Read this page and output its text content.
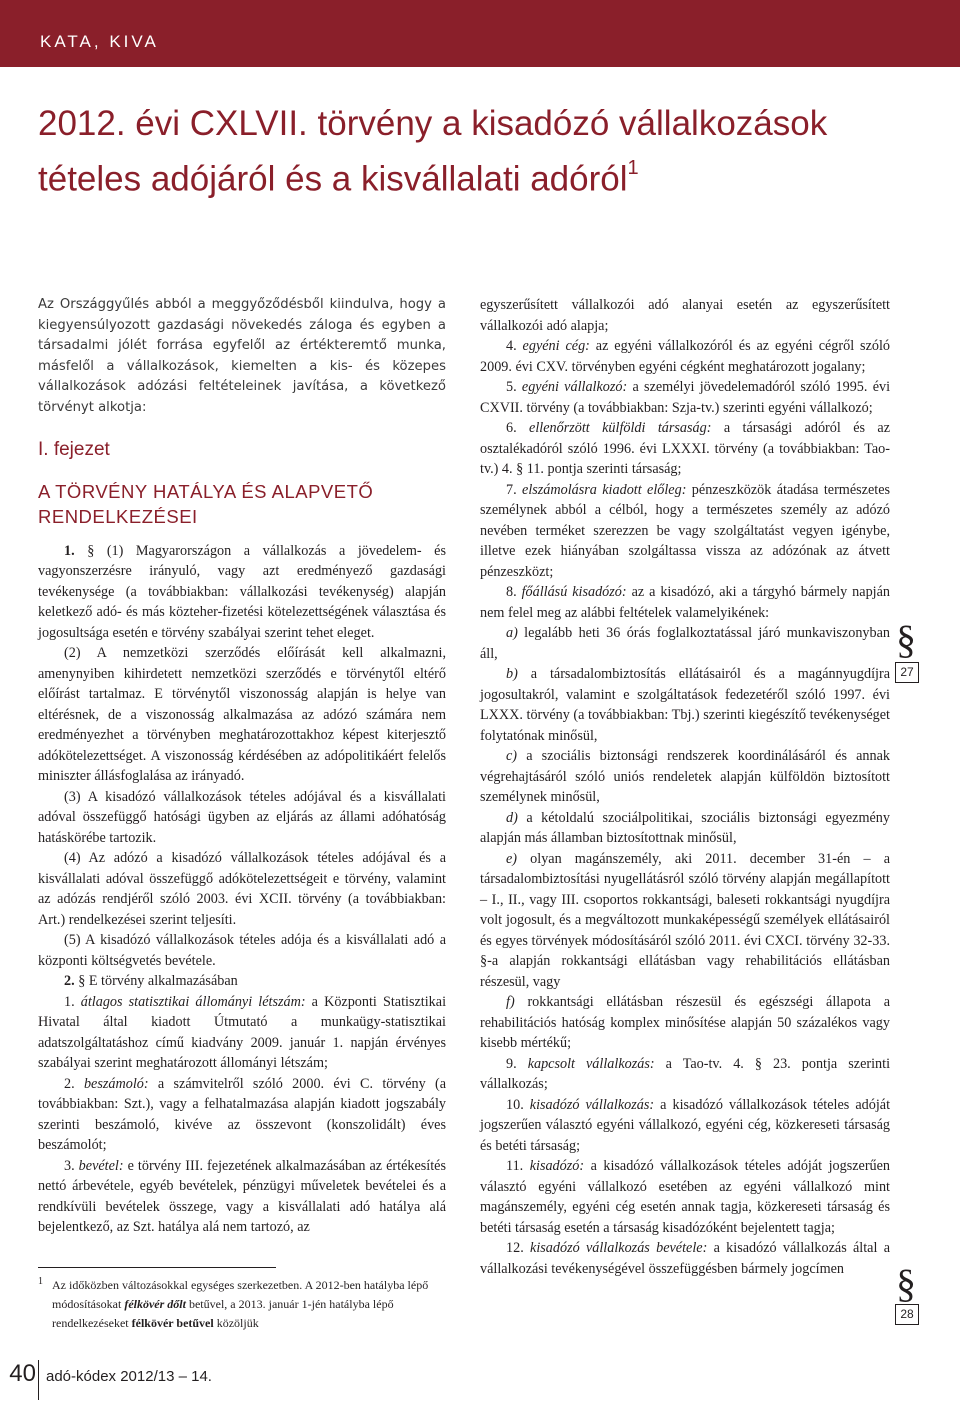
KATA, KIVA
2012. évi CXLVII. törvény a kisadózó vállalkozások tételes adójáról és a kisvállalati adóról$^1$

Az Országgyűlés abból a meggyőződésből kiindulva, hogy a kiegyensúlyozott gazdasági növekedés záloga és egyben a társadalmi jólét forrása egyfelől az értékteremtő munka, másfelől a vállalkozások, kiemelten a kis- és közepes vállalkozások adózási feltételeinek javítása, a következő törvényt alkotja:

I. fejezet

A TÖRVÉNY HATÁLYA ÉS ALAPVETŐ RENDELKEZÉSEI

1. § (1) Magyarországon a vállalkozás a jövedelem- és vagyonszerzésre irányuló, vagy azt eredményező gazdasági tevékenysége (a továbbiakban: vállalkozási tevékenység) alapján keletkező adó- és más közteher-fizetési kötelezettségének választása és jogosultsága esetén e törvény szabályai szerint tehet eleget.

(2) A nemzetközi szerződés előírását kell alkalmazni, amenynyiben kihirdetett nemzetközi szerződés e törvénytől eltérő előírást tartalmaz. E törvénytől viszonosság alapján is helye van eltérésnek, de a viszonosság alkalmazása az adózó számára nem eredményezhet a törvényben meghatározottakhoz képest kiterjesztő adókötelezettséget. A viszonosság kérdésében az adópolitikáért felelős miniszter állásfoglalása az irányadó.

(3) A kisadózó vállalkozások tételes adójával és a kisvállalati adóval összefüggő hatósági ügyben az eljárás az állami adóhatóság hatáskörébe tartozik.

(4) Az adózó a kisadózó vállalkozások tételes adójával és a kisvállalati adóval összefüggő adókötelezettségeit e törvény, valamint az adózás rendjéről szóló 2003. évi XCII. törvény (a továbbiakban: Art.) rendelkezései szerint teljesíti.

(5) A kisadózó vállalkozások tételes adója és a kisvállalati adó a központi költségvetés bevétele.

2. § E törvény alkalmazásában

1. átlagos statisztikai állományi létszám: a Központi Statisztikai Hivatal által kiadott Útmutató a munkaügy-statisztikai adatszolgáltatáshoz című kiadvány 2009. január 1. napján érvényes szabályai szerint meghatározott állományi létszám;

2. beszámoló: a számvitelről szóló 2000. évi C. törvény (a továbbiakban: Szt.), vagy a felhatalmazása alapján kiadott jogszabály szerinti beszámoló, kivéve az összevont (konszolidált) éves beszámolót;

3. bevétel: e törvény III. fejezetének alkalmazásában az értékesítés nettó árbevétele, egyéb bevételek, pénzügyi műveletek bevételei és a rendkívüli bevételek összege, vagy a kisvállalati adó hatálya alá bejelentkező, az Szt. hatálya alá nem tartozó, az

1 Az időközben változásokkal egységes szerkezetben. A 2012-ben hatályba lépő módosításokat félkövér dőlt betűvel, a 2013. január 1-jén hatályba lépő rendelkezéseket félkövér betűvel közöljük

egyszerűsített vállalkozói adó alanyai esetén az egyszerűsített vállalkozói adó alapja;

4. egyéni cég: az egyéni vállalkozóról és az egyéni cégről szóló 2009. évi CXV. törvényben egyéni cégként meghatározott jogalany;

5. egyéni vállalkozó: a személyi jövedelemadóról szóló 1995. évi CXVII. törvény (a továbbiakban: Szja-tv.) szerinti egyéni vállalkozó;

6. ellenőrzött külföldi társaság: a társasági adóról és az osztalékadóról szóló 1996. évi LXXXI. törvény (a továbbiakban: Tao-tv.) 4. § 11. pontja szerinti társaság;

7. elszámolásra kiadott előleg: pénzeszközök átadása természetes személynek abból a célból, hogy a természetes személy az adózó nevében terméket szerezzen be vagy szolgáltatást vegyen igénybe, illetve ezek hiányában szolgáltassa vissza az adózónak az átvett pénzeszközt;

8. főállású kisadózó: az a kisadózó, aki a tárgyhó bármely napján nem felel meg az alábbi feltételek valamelyikének:

a) legalább heti 36 órás foglalkoztatással járó munkaviszonyban áll,

b) a társadalombiztosítás ellátásairól és a magánnyugdíjra jogosultakról, valamint e szolgáltatások fedezetéről szóló 1997. évi LXXX. törvény (a továbbiakban: Tbj.) szerinti kiegészítő tevékenységet folytatónak minősül,

c) a szociális biztonsági rendszerek koordinálásáról és annak végrehajtásáról szóló uniós rendeletek alapján külföldön biztosított személynek minősül,

d) a kétoldalú szociálpolitikai, szociális biztonsági egyezmény alapján más államban biztosítottnak minősül,

e) olyan magánszemély, aki 2011. december 31-én – a társadalombiztosítási nyugellátásról szóló törvény alapján megállapított – I., II., vagy III. csoportos rokkantsági, baleseti rokkantsági nyugdíjra volt jogosult, és a megváltozott munkaképességű személyek ellátásairól és egyes törvények módosításáról szóló 2011. évi CXCI. törvény 32-33. §-a alapján rokkantsági ellátásban vagy rehabilitációs ellátásban részesül, vagy

f) rokkantsági ellátásban részesül és egészségi állapota a rehabilitációs hatóság komplex minősítése alapján 50 százalékos vagy kisebb mértékű;

9. kapcsolt vállalkozás: a Tao-tv. 4. § 23. pontja szerinti vállalkozás;

10. kisadózó vállalkozás: a kisadózó vállalkozások tételes adóját jogszerűen választó egyéni vállalkozó, egyéni cég, közkereseti társaság és betéti társaság;

11. kisadózó: a kisadózó vállalkozások tételes adóját jogszerűen választó egyéni vállalkozó esetében az egyéni vállalkozó mint magánszemély, egyéni cég esetén annak tagja, közkereseti társaság és betéti társaság esetén a társaság kisadózóként bejelentett tagja;

12. kisadózó vállalkozás bevétele: a kisadózó vállalkozás által a vállalkozási tevékenységével összefüggésben bármely jogcímen

§
27
§
28
40 adó-kódex 2012/13 – 14.
